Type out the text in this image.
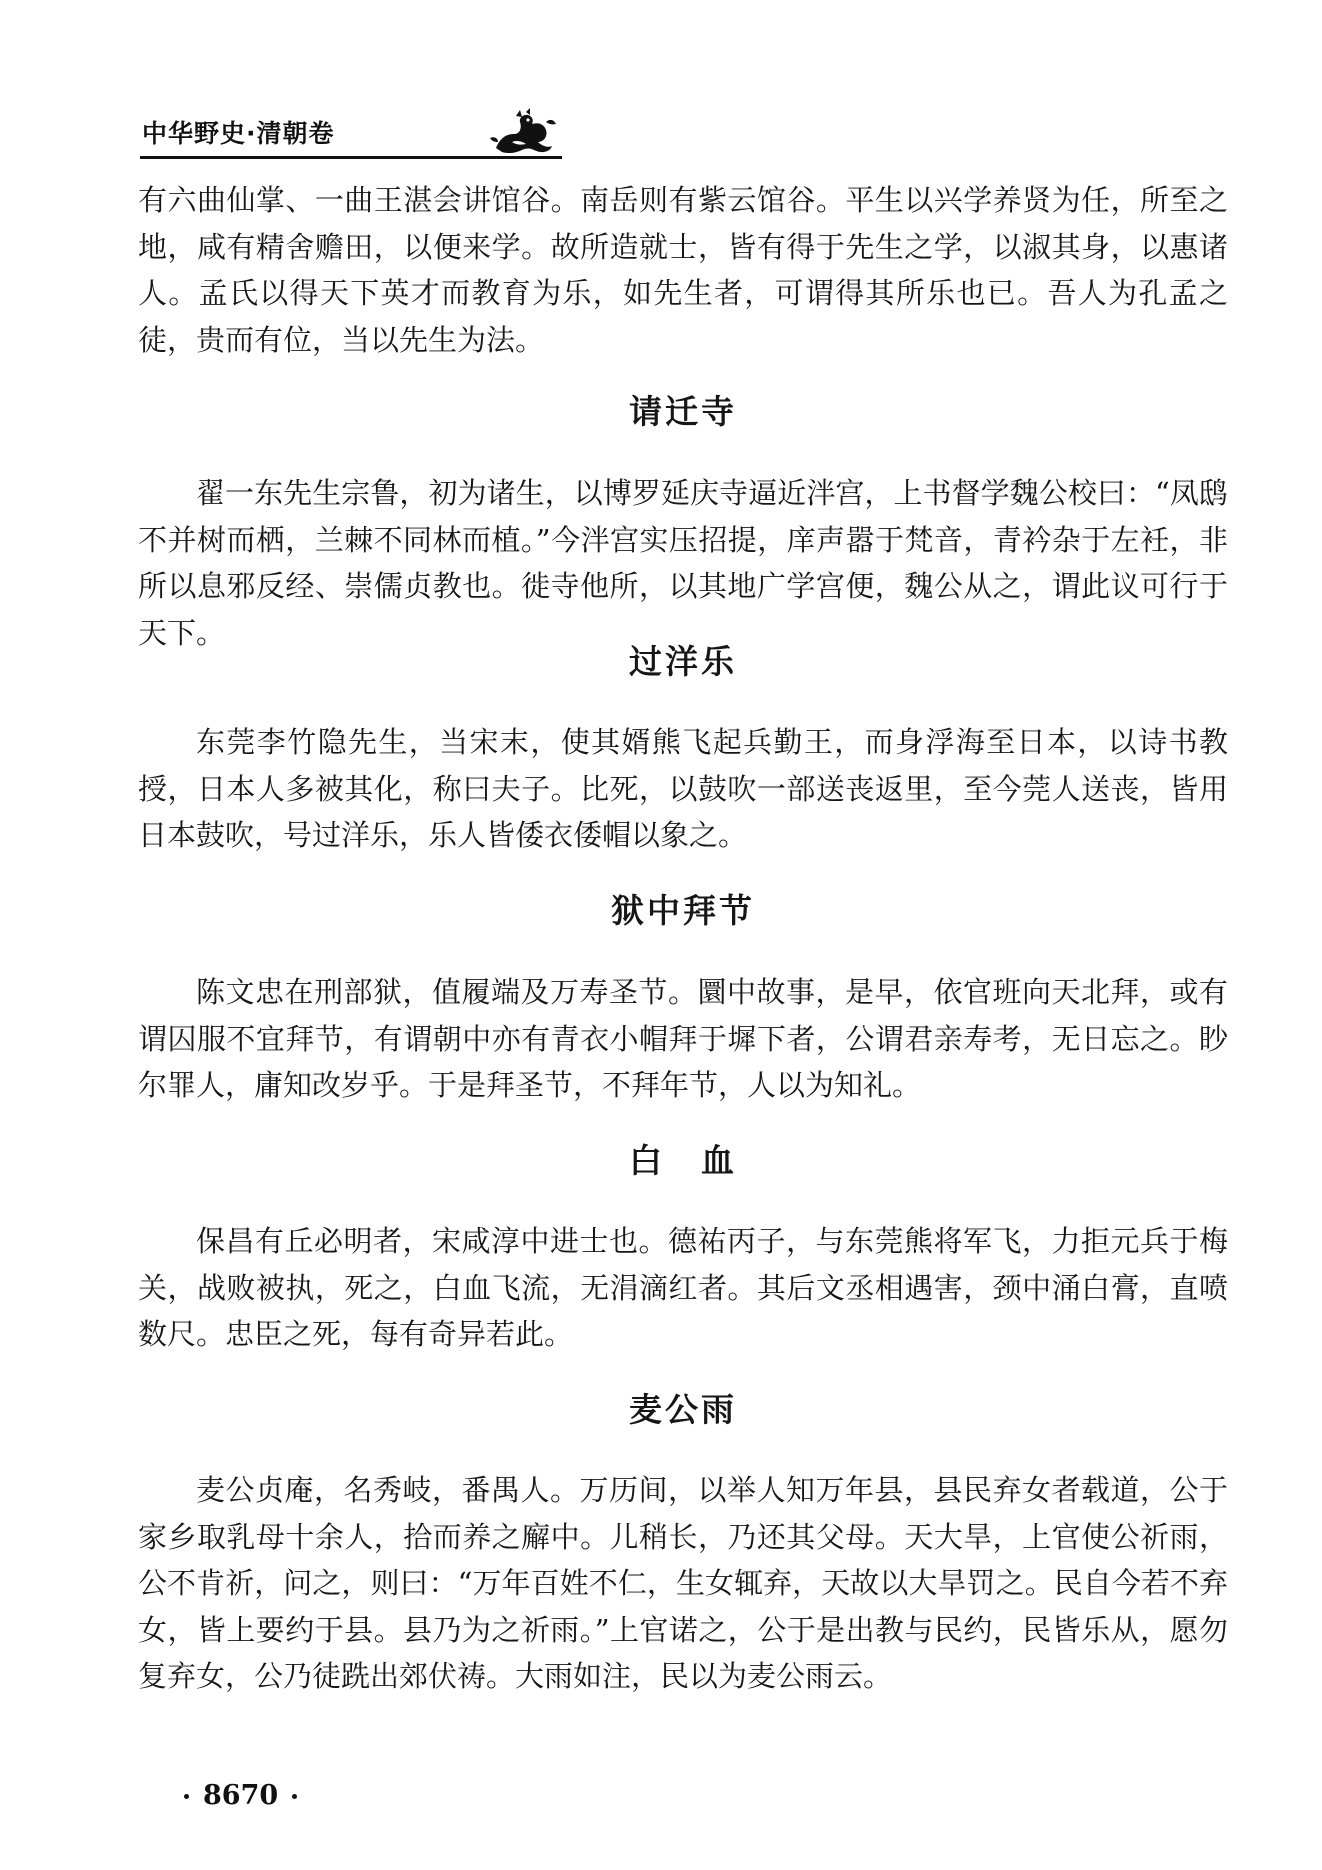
中华野史·清朝卷

有六曲仙掌、一曲王湛会讲馆谷。南岳则有紫云馆谷。平生以兴学养贤为任，所至之地，咸有精舍赡田，以便来学。故所造就士，皆有得于先生之学，以淑其身，以惠诸人。孟氏以得天下英才而教育为乐，如先生者，可谓得其所乐也已。吾人为孔孟之徒，贵而有位，当以先生为法。

请迁寺

翟一东先生宗鲁，初为诸生，以博罗延庆寺逼近泮宫，上书督学魏公校曰：“凤鸱不并树而栖，兰棘不同林而植。”今泮宫实压招提，庠声嚣于梵音，青衿杂于左衽，非所以息邪反经、崇儒贞教也。徙寺他所，以其地广学宫便，魏公从之，谓此议可行于天下。

过洋乐

东莞李竹隐先生，当宋末，使其婿熊飞起兵勤王，而身浮海至日本，以诗书教授，日本人多被其化，称曰夫子。比死，以鼓吹一部送丧返里，至今莞人送丧，皆用日本鼓吹，号过洋乐，乐人皆倭衣倭帽以象之。

狱中拜节

陈文忠在刑部狱，值履端及万寿圣节。圜中故事，是早，依官班向天北拜，或有谓囚服不宜拜节，有谓朝中亦有青衣小帽拜于墀下者，公谓君亲寿考，无日忘之。眇尔罪人，庸知改岁乎。于是拜圣节，不拜年节，人以为知礼。

白　血

保昌有丘必明者，宋咸淳中进士也。德祐丙子，与东莞熊将军飞，力拒元兵于梅关，战败被执，死之，白血飞流，无涓滴红者。其后文丞相遇害，颈中涌白膏，直喷数尺。忠臣之死，每有奇异若此。

麦公雨

麦公贞庵，名秀岐，番禺人。万历间，以举人知万年县，县民弃女者载道，公于家乡取乳母十余人，拾而养之廨中。儿稍长，乃还其父母。天大旱，上官使公祈雨，公不肯祈，问之，则曰：“万年百姓不仁，生女辄弃，天故以大旱罚之。民自今若不弃女，皆上要约于县。县乃为之祈雨。”上官诺之，公于是出教与民约，民皆乐从，愿勿复弃女，公乃徒跣出郊伏祷。大雨如注，民以为麦公雨云。

8670
